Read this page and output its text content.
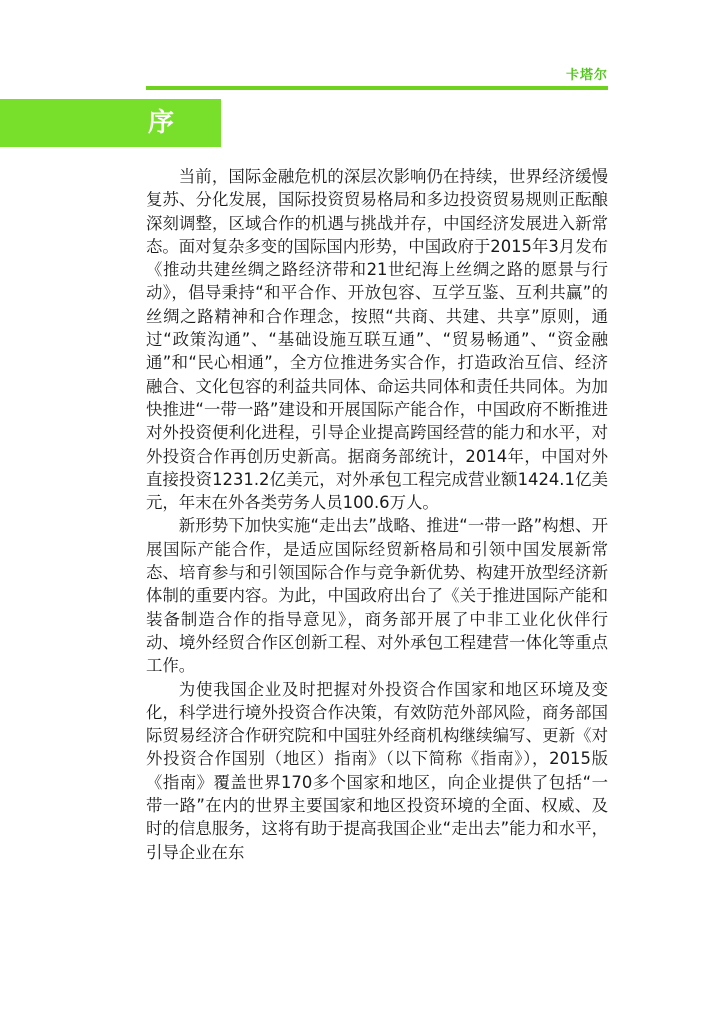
卡塔尔
序

当前，国际金融危机的深层次影响仍在持续，世界经济缓慢复苏、分化发展，国际投资贸易格局和多边投资贸易规则正酝酿深刻调整，区域合作的机遇与挑战并存，中国经济发展进入新常态。面对复杂多变的国际国内形势，中国政府于2015年3月发布《推动共建丝绸之路经济带和21世纪海上丝绸之路的愿景与行动》，倡导秉持“和平合作、开放包容、互学互鉴、互利共赢”的丝绸之路精神和合作理念，按照“共商、共建、共享”原则，通过“政策沟通”、“基础设施互联互通”、“贸易畅通”、“资金融通”和“民心相通”，全方位推进务实合作，打造政治互信、经济融合、文化包容的利益共同体、命运共同体和责任共同体。为加快推进“一带一路”建设和开展国际产能合作，中国政府不断推进对外投资便利化进程，引导企业提高跨国经营的能力和水平，对外投资合作再创历史新高。据商务部统计，2014年，中国对外直接投资1231.2亿美元，对外承包工程完成营业额1424.1亿美元，年末在外各类劳务人员100.6万人。

新形势下加快实施“走出去”战略、推进“一带一路”构想、开展国际产能合作，是适应国际经贸新格局和引领中国发展新常态、培育参与和引领国际合作与竞争新优势、构建开放型经济新体制的重要内容。为此，中国政府出台了《关于推进国际产能和装备制造合作的指导意见》，商务部开展了中非工业化伙伴行动、境外经贸合作区创新工程、对外承包工程建营一体化等重点工作。

为使我国企业及时把握对外投资合作国家和地区环境及变化，科学进行境外投资合作决策，有效防范外部风险，商务部国际贸易经济合作研究院和中国驻外经商机构继续编写、更新《对外投资合作国别（地区）指南》（以下简称《指南》），2015版《指南》覆盖世界170多个国家和地区，向企业提供了包括“一带一路”在内的世界主要国家和地区投资环境的全面、权威、及时的信息服务，这将有助于提高我国企业“走出去”能力和水平，引导企业在东
